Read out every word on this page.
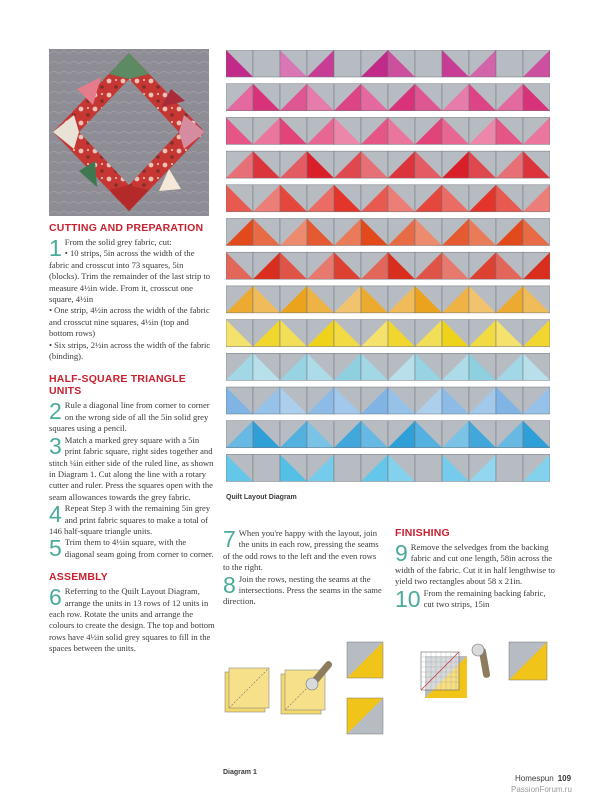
CUTTING AND PREPARATION
1 From the solid grey fabric, cut:

• 10 strips, 5in across the width of the fabric and crosscut into 73 squares, 5in (blocks). Trim the remainder of the last strip to measure 4½in wide. From it, crosscut one square, 4½in

• One strip, 4½in across the width of the fabric and crosscut nine squares, 4½in (top and bottom rows)

• Six strips, 2½in across the width of the fabric (binding).

HALF-SQUARE TRIANGLE UNITS
2 Rule a diagonal line from corner to corner on the wrong side of all the 5in solid grey squares using a pencil.

3 Match a marked grey square with a 5in print fabric square, right sides together and stitch ¼in either side of the ruled line, as shown in Diagram 1. Cut along the line with a rotary cutter and ruler. Press the squares open with the seam allowances towards the grey fabric.

4 Repeat Step 3 with the remaining 5in grey and print fabric squares to make a total of 146 half-square triangle units.

5 Trim them to 4½in square, with the diagonal seam going from corner to corner.

ASSEMBLY
6 Referring to the Quilt Layout Diagram, arrange the units in 13 rows of 12 units in each row. Rotate the units and arrange the colours to create the design. The top and bottom rows have 4½in solid grey squares to fill in the spaces between the units.

Quilt Layout Diagram
7 When you're happy with the layout, join the units in each row, pressing the seams of the odd rows to the left and the even rows to the right.

8 Join the rows, nesting the seams at the intersections. Press the seams in the same direction.

FINISHING
9 Remove the selvedges from the backing fabric and cut one length, 58in across the width of the fabric. Cut it in half lengthwise to yield two rectangles about 58 x 21in.

10 From the remaining backing fabric, cut two strips, 15in

Diagram 1
Homespun 109
PassionForum.ru
